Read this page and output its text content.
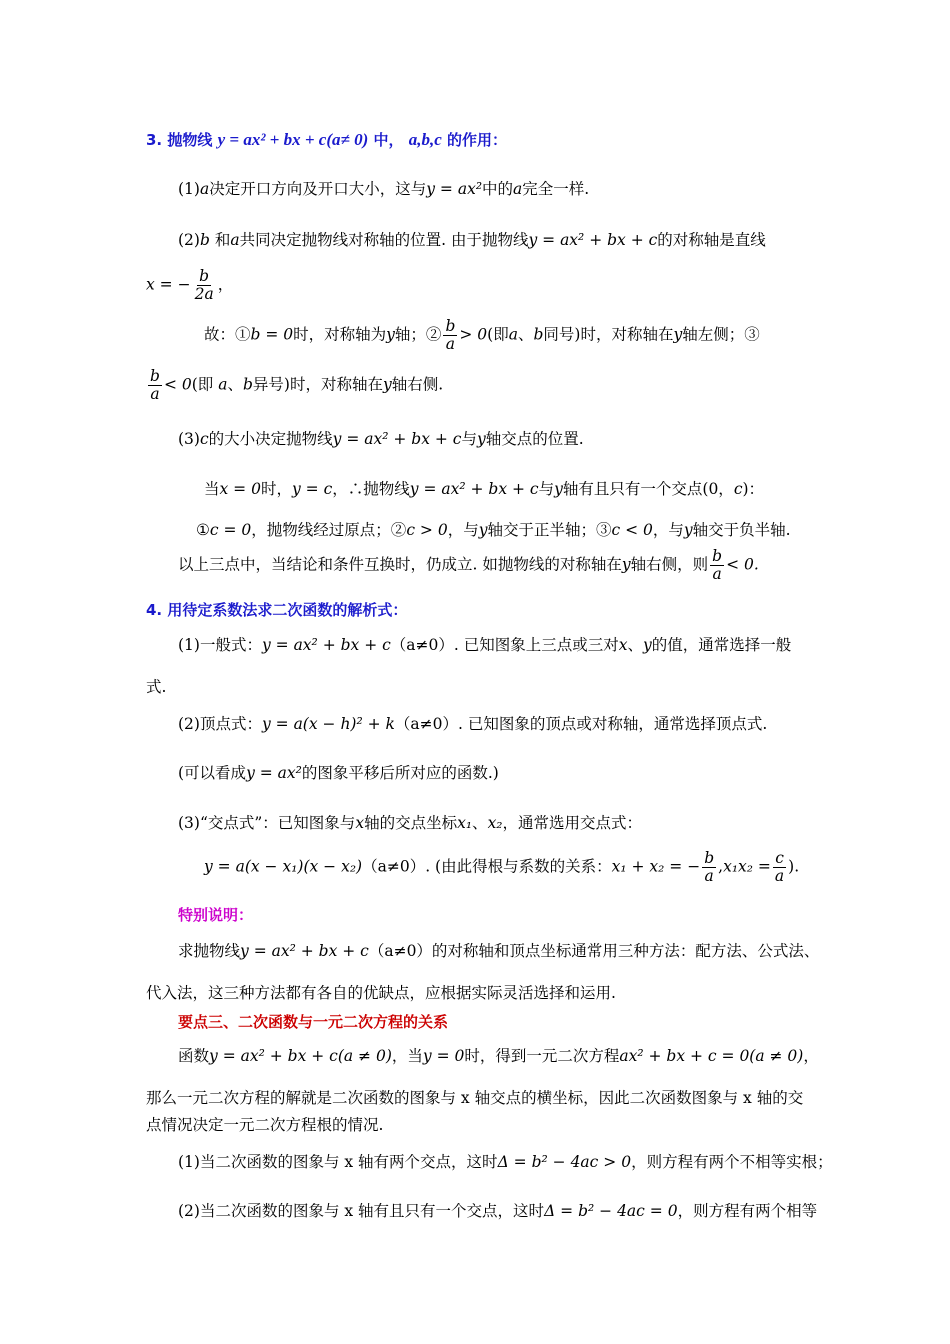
3. 抛物线 y = ax² + bx + c(a≠ 0) 中， a,b,c 的作用：
(1)a决定开口方向及开口大小，这与y = ax²中的a完全一样.
(2)b 和a共同决定抛物线对称轴的位置. 由于抛物线y = ax² + bx + c的对称轴是直线
x = − $\frac{b}{2a}$ ，
故：①b = 0时，对称轴为y轴；② $\frac{b}{a} > 0$(即a、b同号)时，对称轴在y轴左侧；③
$\frac{b}{a} < 0$(即 a、b异号)时，对称轴在y轴右侧.
(3)c的大小决定抛物线y = ax² + bx + c与y轴交点的位置.
当x = 0时，y = c，∴抛物线y = ax² + bx + c与y轴有且只有一个交点(0，c)：
①c = 0，抛物线经过原点；②c > 0，与y轴交于正半轴；③c < 0，与y轴交于负半轴.
以上三点中，当结论和条件互换时，仍成立. 如抛物线的对称轴在y轴右侧，则 $\frac{b}{a} < 0$.
4. 用待定系数法求二次函数的解析式：
(1)一般式：y = ax² + bx + c（a≠0）. 已知图象上三点或三对x、y的值，通常选择一般
式.
(2)顶点式：y = a(x − h)² + k（a≠0）. 已知图象的顶点或对称轴，通常选择顶点式.
(可以看成y = ax²的图象平移后所对应的函数.)
(3)“交点式”：已知图象与x轴的交点坐标x₁、x₂，通常选用交点式：
y = a(x − x₁)(x − x₂)（a≠0）. (由此得根与系数的关系：x₁ + x₂ = − $\frac{b}{a} ,x_1x_2 = \frac{c}{a}$ ).
特别说明：
求抛物线y = ax² + bx + c（a≠0）的对称轴和顶点坐标通常用三种方法：配方法、公式法、
代入法，这三种方法都有各自的优缺点，应根据实际灵活选择和运用.
要点三、二次函数与一元二次方程的关系
函数y = ax² + bx + c(a ≠ 0)，当y = 0时，得到一元二次方程ax² + bx + c = 0(a ≠ 0)，
那么一元二次方程的解就是二次函数的图象与 x 轴交点的横坐标，因此二次函数图象与 x 轴的交
点情况决定一元二次方程根的情况.
(1)当二次函数的图象与 x 轴有两个交点，这时Δ = b² − 4ac > 0，则方程有两个不相等实根；
(2)当二次函数的图象与 x 轴有且只有一个交点，这时Δ = b² − 4ac = 0，则方程有两个相等
